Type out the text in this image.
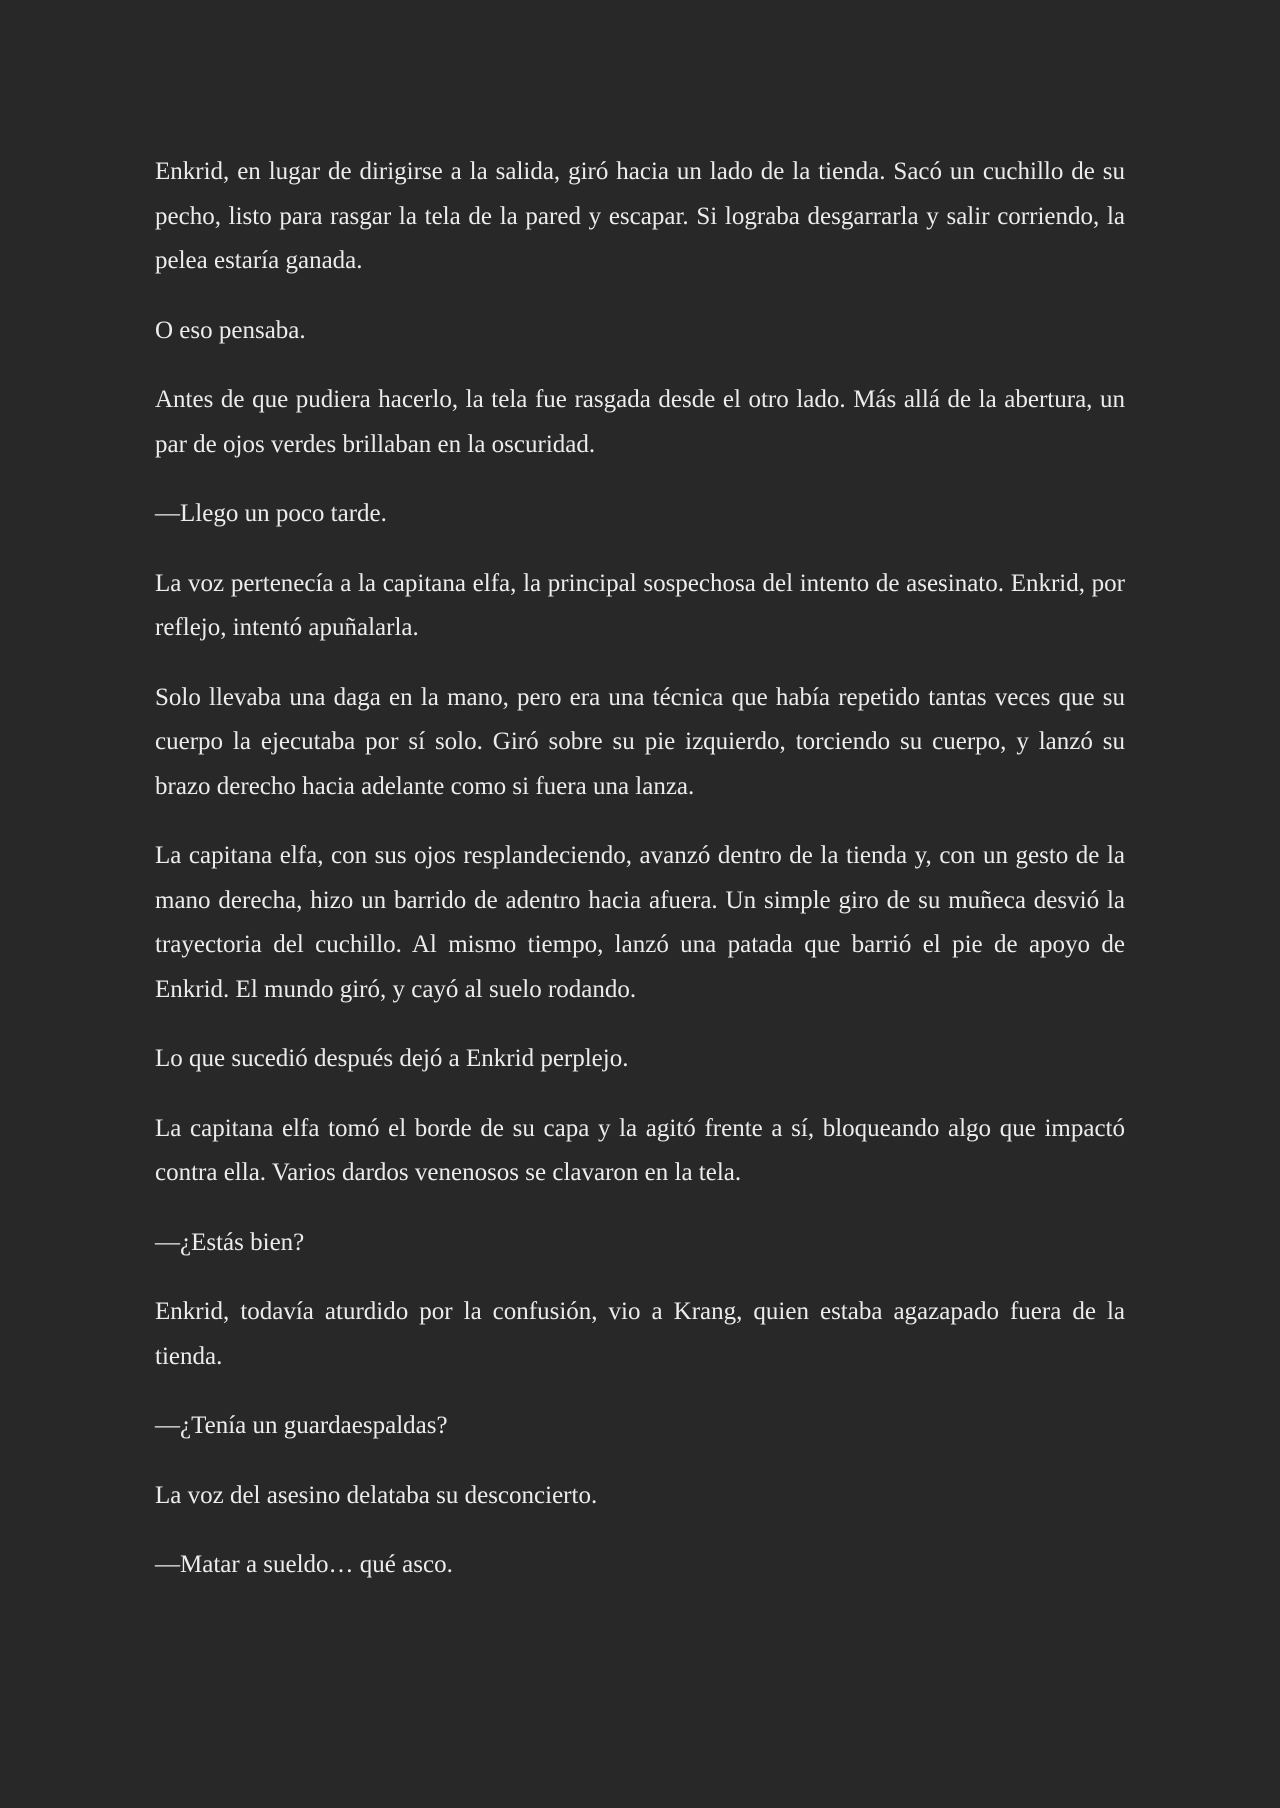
Enkrid, en lugar de dirigirse a la salida, giró hacia un lado de la tienda. Sacó un cuchillo de su pecho, listo para rasgar la tela de la pared y escapar. Si lograba desgarrarla y salir corriendo, la pelea estaría ganada.

O eso pensaba.

Antes de que pudiera hacerlo, la tela fue rasgada desde el otro lado. Más allá de la abertura, un par de ojos verdes brillaban en la oscuridad.

—Llego un poco tarde.

La voz pertenecía a la capitana elfa, la principal sospechosa del intento de asesinato. Enkrid, por reflejo, intentó apuñalarla.

Solo llevaba una daga en la mano, pero era una técnica que había repetido tantas veces que su cuerpo la ejecutaba por sí solo. Giró sobre su pie izquierdo, torciendo su cuerpo, y lanzó su brazo derecho hacia adelante como si fuera una lanza.

La capitana elfa, con sus ojos resplandeciendo, avanzó dentro de la tienda y, con un gesto de la mano derecha, hizo un barrido de adentro hacia afuera. Un simple giro de su muñeca desvió la trayectoria del cuchillo. Al mismo tiempo, lanzó una patada que barrió el pie de apoyo de Enkrid. El mundo giró, y cayó al suelo rodando.

Lo que sucedió después dejó a Enkrid perplejo.

La capitana elfa tomó el borde de su capa y la agitó frente a sí, bloqueando algo que impactó contra ella. Varios dardos venenosos se clavaron en la tela.

—¿Estás bien?

Enkrid, todavía aturdido por la confusión, vio a Krang, quien estaba agazapado fuera de la tienda.

—¿Tenía un guardaespaldas?

La voz del asesino delataba su desconcierto.

—Matar a sueldo… qué asco.
